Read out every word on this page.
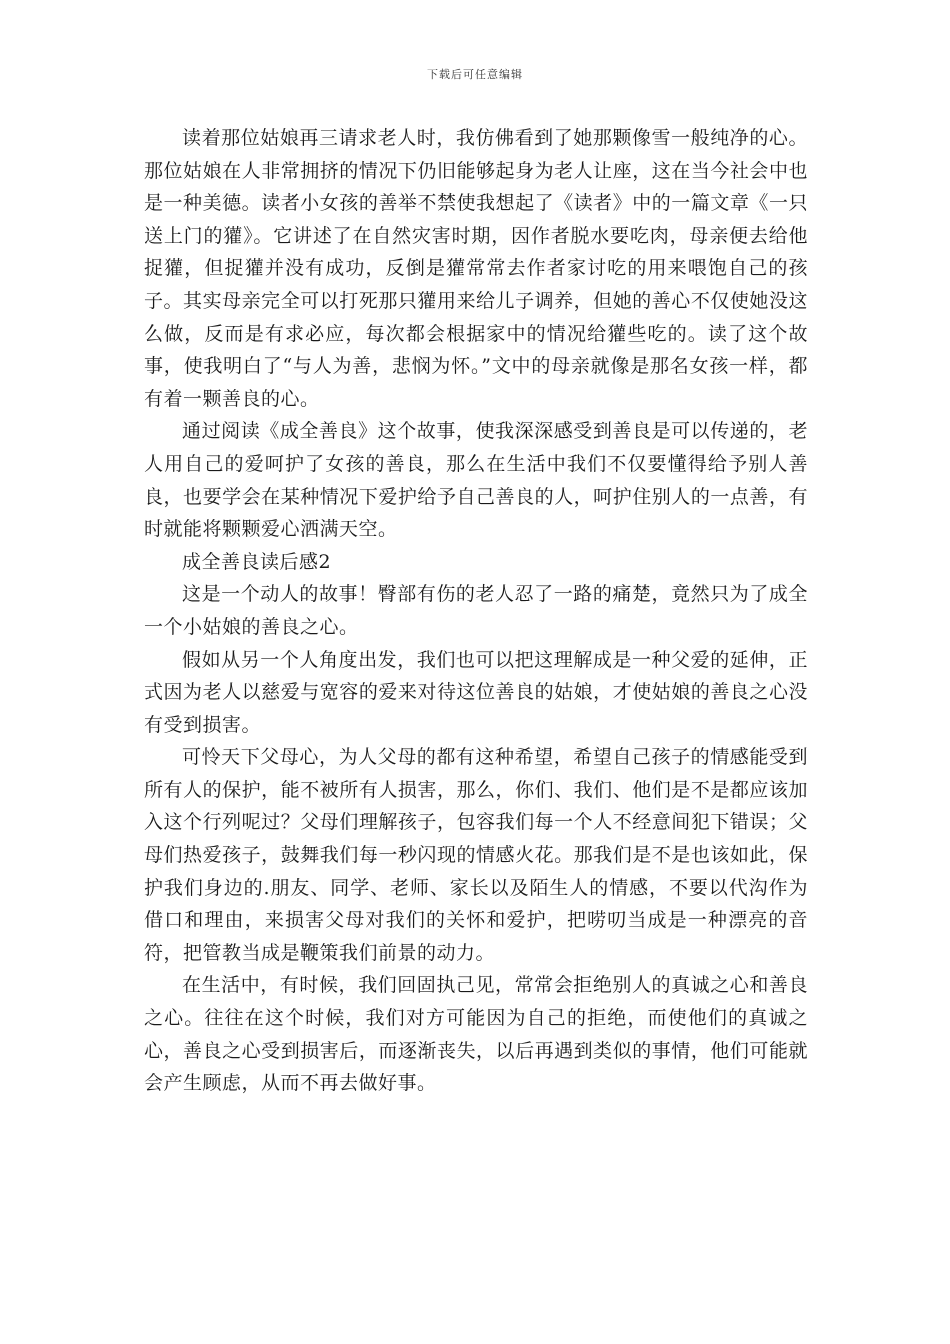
下载后可任意编辑

读着那位姑娘再三请求老人时，我仿佛看到了她那颗像雪一般纯净的心。那位姑娘在人非常拥挤的情况下仍旧能够起身为老人让座，这在当今社会中也是一种美德。读者小女孩的善举不禁使我想起了《读者》中的一篇文章《一只送上门的獾》。它讲述了在自然灾害时期，因作者脱水要吃肉，母亲便去给他捉獾，但捉獾并没有成功，反倒是獾常常去作者家讨吃的用来喂饱自己的孩子。其实母亲完全可以打死那只獾用来给儿子调养，但她的善心不仅使她没这么做，反而是有求必应，每次都会根据家中的情况给獾些吃的。读了这个故事，使我明白了“与人为善，悲悯为怀。”文中的母亲就像是那名女孩一样，都有着一颗善良的心。

通过阅读《成全善良》这个故事，使我深深感受到善良是可以传递的，老人用自己的爱呵护了女孩的善良，那么在生活中我们不仅要懂得给予别人善良，也要学会在某种情况下爱护给予自己善良的人，呵护住别人的一点善，有时就能将颗颗爱心洒满天空。

成全善良读后感2

这是一个动人的故事！臀部有伤的老人忍了一路的痛楚，竟然只为了成全一个小姑娘的善良之心。

假如从另一个人角度出发，我们也可以把这理解成是一种父爱的延伸，正式因为老人以慈爱与宽容的爱来对待这位善良的姑娘，才使姑娘的善良之心没有受到损害。

可怜天下父母心，为人父母的都有这种希望，希望自己孩子的情感能受到所有人的保护，能不被所有人损害，那么，你们、我们、他们是不是都应该加入这个行列呢过？父母们理解孩子，包容我们每一个人不经意间犯下错误；父母们热爱孩子，鼓舞我们每一秒闪现的情感火花。那我们是不是也该如此，保护我们身边的.朋友、同学、老师、家长以及陌生人的情感，不要以代沟作为借口和理由，来损害父母对我们的关怀和爱护，把唠叨当成是一种漂亮的音符，把管教当成是鞭策我们前景的动力。

在生活中，有时候，我们回固执己见，常常会拒绝别人的真诚之心和善良之心。往往在这个时候，我们对方可能因为自己的拒绝，而使他们的真诚之心，善良之心受到损害后，而逐渐丧失，以后再遇到类似的事情，他们可能就会产生顾虑，从而不再去做好事。
